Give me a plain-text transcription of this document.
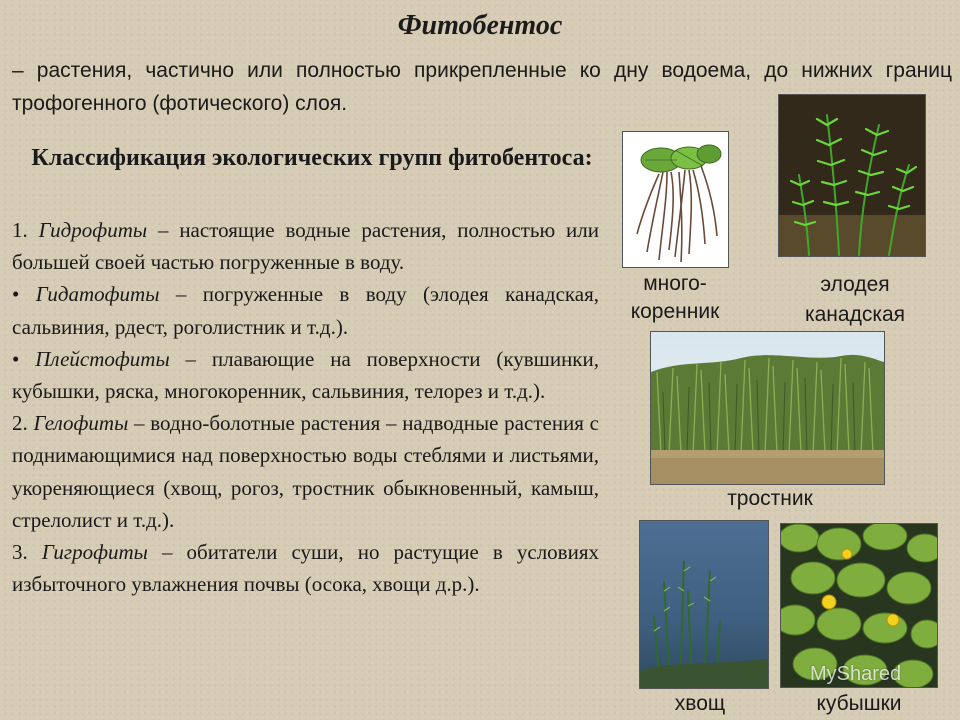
Фитобентос
– растения, частично или полностью прикрепленные ко дну водоема, до нижних границ трофогенного (фотического) слоя.
Классификация экологических групп фитобентоса:

1. Гидрофиты – настоящие водные растения, полностью или большей своей частью погруженные в воду.

• Гидатофиты – погруженные в воду (элодея канадская, сальвиния, рдест, роголистник и т.д.).

• Плейстофиты – плавающие на поверхности (кувшинки, кубышки, ряска, многокоренник, сальвиния, телорез и т.д.).

2. Гелофиты – водно-болотные растения – надводные растения с поднимающимися над поверхностью воды стеблями и листьями, укореняющиеся (хвощ, рогоз, тростник обыкновенный, камыш, стрелолист и т.д.).

3. Гигрофиты – обитатели суши, но растущие в условиях избыточного увлажнения почвы (осока, хвощи д.р.).

много-коренник
элодея канадская
тростник
хвощ	кубышки
MyShared
